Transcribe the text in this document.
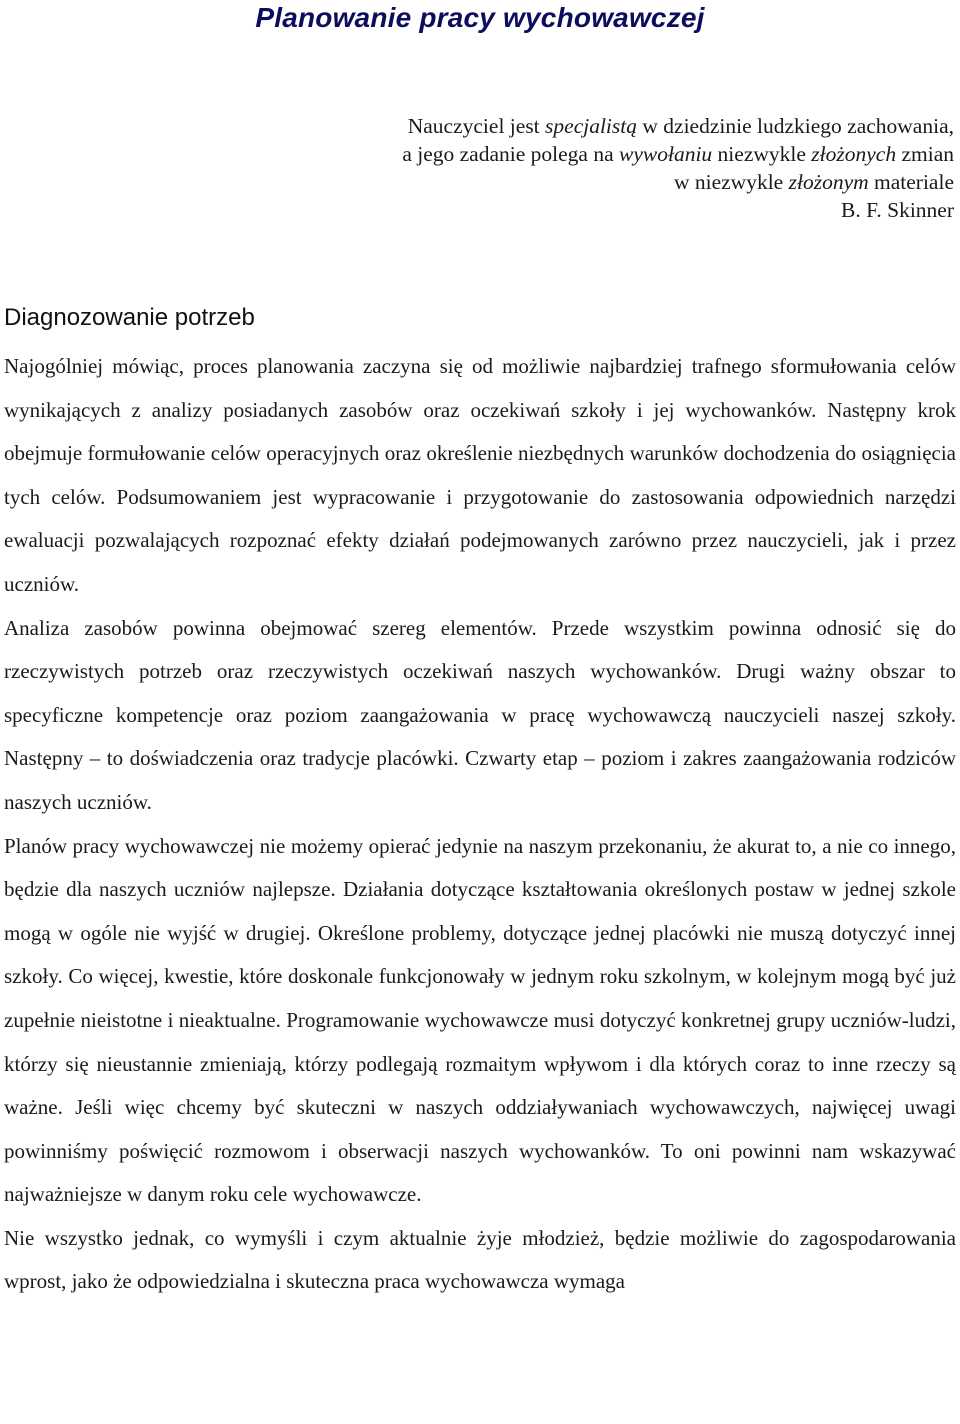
Planowanie pracy wychowawczej
Nauczyciel jest specjalistą w dziedzinie ludzkiego zachowania,
a jego zadanie polega na wywołaniu niezwykle złożonych zmian
w niezwykle złożonym materiale
B. F. Skinner
Diagnozowanie potrzeb

Najogólniej mówiąc, proces planowania zaczyna się od możliwie najbardziej trafnego sformułowania celów wynikających z analizy posiadanych zasobów oraz oczekiwań szkoły i jej wychowanków. Następny krok obejmuje formułowanie celów operacyjnych oraz określenie niezbędnych warunków dochodzenia do osiągnięcia tych celów. Podsumowaniem jest wypracowanie i przygotowanie do zastosowania odpowiednich narzędzi ewaluacji pozwalających rozpoznać efekty działań podejmowanych zarówno przez nauczycieli, jak i przez uczniów.

Analiza zasobów powinna obejmować szereg elementów. Przede wszystkim powinna odnosić się do rzeczywistych potrzeb oraz rzeczywistych oczekiwań naszych wychowanków. Drugi ważny obszar to specyficzne kompetencje oraz poziom zaangażowania w pracę wychowawczą nauczycieli naszej szkoły. Następny – to doświadczenia oraz tradycje placówki. Czwarty etap – poziom i zakres zaangażowania rodziców naszych uczniów.

Planów pracy wychowawczej nie możemy opierać jedynie na naszym przekonaniu, że akurat to, a nie co innego, będzie dla naszych uczniów najlepsze. Działania dotyczące kształtowania określonych postaw w jednej szkole mogą w ogóle nie wyjść w drugiej. Określone problemy, dotyczące jednej placówki nie muszą dotyczyć innej szkoły. Co więcej, kwestie, które doskonale funkcjonowały w jednym roku szkolnym, w kolejnym mogą być już zupełnie nieistotne i nieaktualne. Programowanie wychowawcze musi dotyczyć konkretnej grupy uczniów-ludzi, którzy się nieustannie zmieniają, którzy podlegają rozmaitym wpływom i dla których coraz to inne rzeczy są ważne. Jeśli więc chcemy być skuteczni w naszych oddziaływaniach wychowawczych, najwięcej uwagi powinniśmy poświęcić rozmowom i obserwacji naszych wychowanków. To oni powinni nam wskazywać najważniejsze w danym roku cele wychowawcze.

Nie wszystko jednak, co wymyśli i czym aktualnie żyje młodzież, będzie możliwie do zagospodarowania wprost, jako że odpowiedzialna i skuteczna praca wychowawcza wymaga
